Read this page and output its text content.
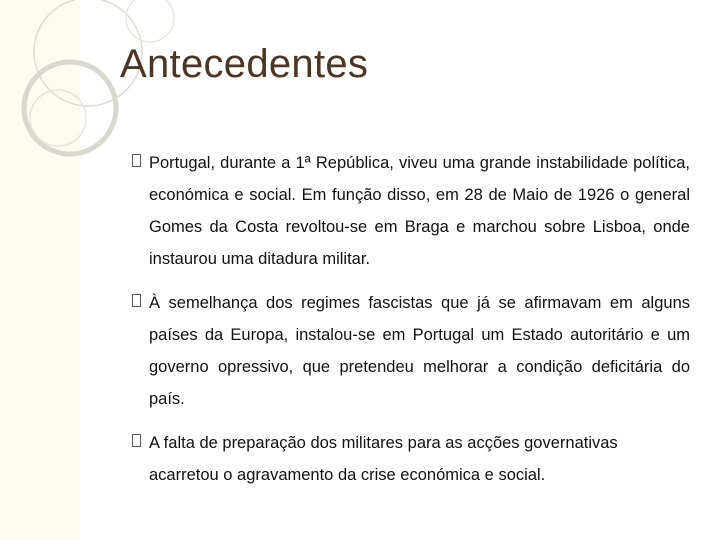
Antecedentes

Portugal, durante a 1ª República, viveu uma grande instabilidade política, económica e social. Em função disso, em 28 de Maio de 1926 o general Gomes da Costa revoltou-se em Braga e marchou sobre Lisboa, onde instaurou uma ditadura militar.

À semelhança dos regimes fascistas que já se afirmavam em alguns países da Europa, instalou-se em Portugal um Estado autoritário e um governo opressivo, que pretendeu melhorar a condição deficitária do país.

A falta de preparação dos militares para as acções governativas acarretou o agravamento da crise económica e social.
